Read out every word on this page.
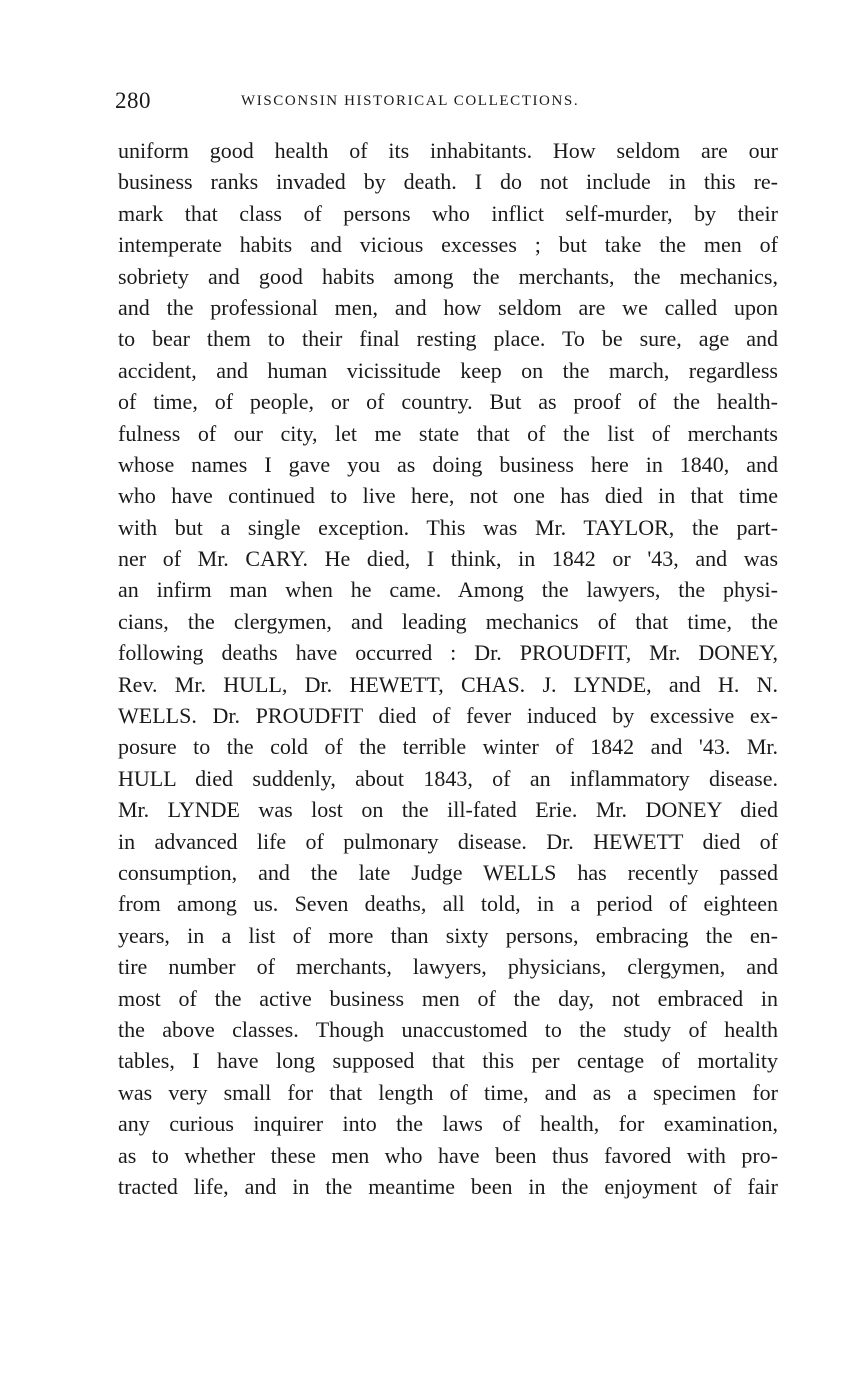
280	WISCONSIN HISTORICAL COLLECTIONS.
uniform good health of its inhabitants. How seldom are our
business ranks invaded by death. I do not include in this re-
mark that class of persons who inflict self-murder, by their
intemperate habits and vicious excesses ; but take the men of
sobriety and good habits among the merchants, the mechanics,
and the professional men, and how seldom are we called upon
to bear them to their final resting place. To be sure, age and
accident, and human vicissitude keep on the march, regardless
of time, of people, or of country. But as proof of the health-
fulness of our city, let me state that of the list of merchants
whose names I gave you as doing business here in 1840, and
who have continued to live here, not one has died in that time
with but a single exception. This was Mr. TAYLOR, the part-
ner of Mr. CARY. He died, I think, in 1842 or '43, and was
an infirm man when he came. Among the lawyers, the physi-
cians, the clergymen, and leading mechanics of that time, the
following deaths have occurred : Dr. PROUDFIT, Mr. DONEY,
Rev. Mr. HULL, Dr. HEWETT, CHAS. J. LYNDE, and H. N.
WELLS. Dr. PROUDFIT died of fever induced by excessive ex-
posure to the cold of the terrible winter of 1842 and '43. Mr.
HULL died suddenly, about 1843, of an inflammatory disease.
Mr. LYNDE was lost on the ill-fated Erie. Mr. DONEY died
in advanced life of pulmonary disease. Dr. HEWETT died of
consumption, and the late Judge WELLS has recently passed
from among us. Seven deaths, all told, in a period of eighteen
years, in a list of more than sixty persons, embracing the en-
tire number of merchants, lawyers, physicians, clergymen, and
most of the active business men of the day, not embraced in
the above classes. Though unaccustomed to the study of health
tables, I have long supposed that this per centage of mortality
was very small for that length of time, and as a specimen for
any curious inquirer into the laws of health, for examination,
as to whether these men who have been thus favored with pro-
tracted life, and in the meantime been in the enjoyment of fair
